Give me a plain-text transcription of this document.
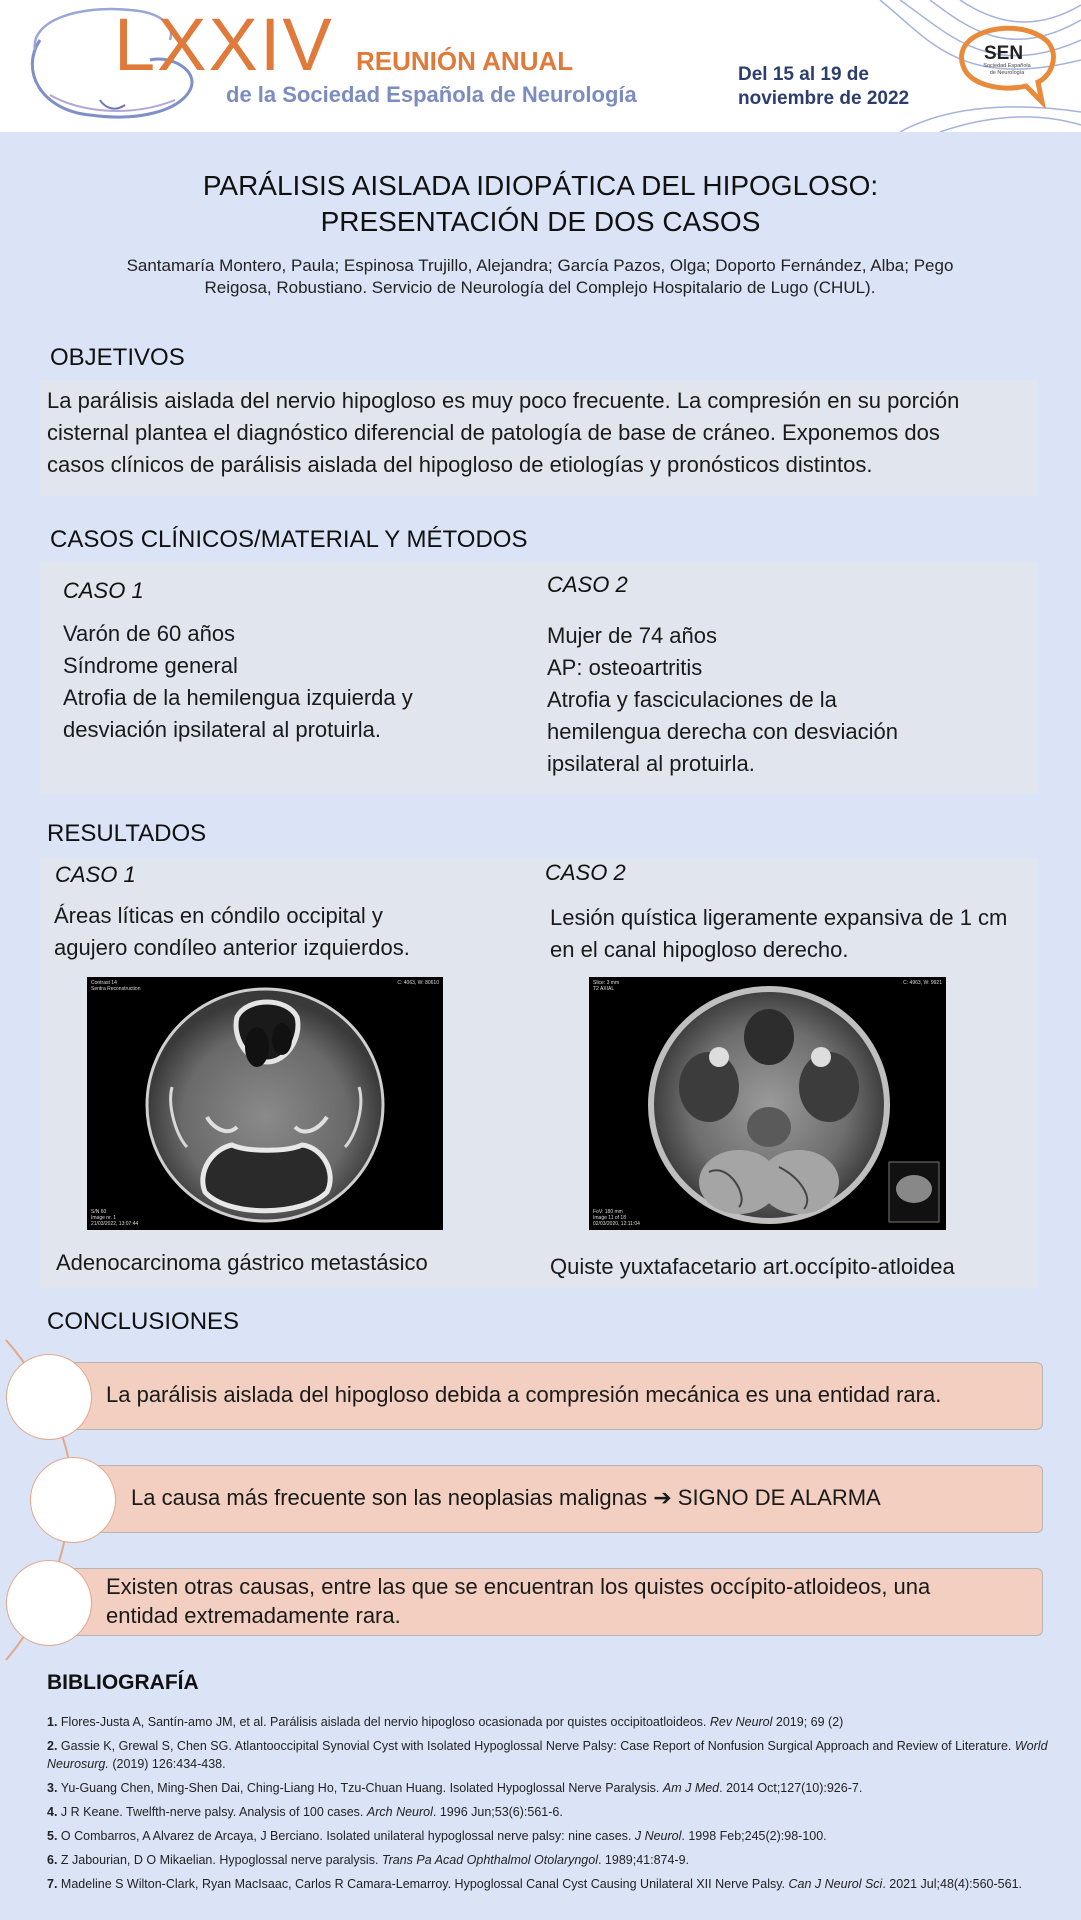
LXXIV REUNIÓN ANUAL
de la Sociedad Española de Neurología
Del 15 al 19 de
noviembre de 2022
SEN
Sociedad Española de Neurología
PARÁLISIS AISLADA IDIOPÁTICA DEL HIPOGLOSO:
PRESENTACIÓN DE DOS CASOS
Santamaría Montero, Paula; Espinosa Trujillo, Alejandra; García Pazos, Olga; Doporto Fernández, Alba; Pego
Reigosa, Robustiano. Servicio de Neurología del Complejo Hospitalario de Lugo (CHUL).
OBJETIVOS
La parálisis aislada del nervio hipogloso es muy poco frecuente. La compresión en su porción
cisternal plantea el diagnóstico diferencial de patología de base de cráneo. Exponemos dos
casos clínicos de parálisis aislada del hipogloso de etiologías y pronósticos distintos.
CASOS CLÍNICOS/MATERIAL Y MÉTODOS
CASO 1
Varón de 60 años
Síndrome general
Atrofia de la hemilengua izquierda y
desviación ipsilateral al protuirla.
CASO 2
Mujer de 74 años
AP: osteoartritis
Atrofia y fasciculaciones de la
hemilengua derecha con desviación
ipsilateral al protuirla.
RESULTADOS
CASO 1
Áreas líticas en cóndilo occipital y
agujero condíleo anterior izquierdos.
Contrast 14
Sentra Reconstruction
C: 4063, W: 80610
S/N 60
Image nr. 1
21/03/2022, 13:07:44
Adenocarcinoma gástrico metastásico
CASO 2
Lesión quística ligeramente expansiva de 1 cm
en el canal hipogloso derecho.
Slice: 3 mm
T2 AXIAL
C: 4963, W: 9921
FoV: 180 mm
Image 11 of 18
02/03/2020, 12:11:04
Quiste yuxtafacetario art.occípito-atloidea
CONCLUSIONES
La parálisis aislada del hipogloso debida a compresión mecánica es una entidad rara.
La causa más frecuente son las neoplasias malignas ➔ SIGNO DE ALARMA
Existen otras causas, entre las que se encuentran los quistes occípito-atloideos, una
entidad extremadamente rara.
BIBLIOGRAFÍA
1. Flores-Justa A, Santín-amo JM, et al. Parálisis aislada del nervio hipogloso ocasionada por quistes occipitoatloideos. Rev Neurol 2019; 69 (2)
2. Gassie K, Grewal S, Chen SG. Atlantooccipital Synovial Cyst with Isolated Hypoglossal Nerve Palsy: Case Report of Nonfusion Surgical Approach and Review of Literature. World Neurosurg. (2019) 126:434-438.
3. Yu-Guang Chen, Ming-Shen Dai, Ching-Liang Ho, Tzu-Chuan Huang. Isolated Hypoglossal Nerve Paralysis. Am J Med. 2014 Oct;127(10):926-7.
4. J R Keane. Twelfth-nerve palsy. Analysis of 100 cases. Arch Neurol. 1996 Jun;53(6):561-6.
5. O Combarros, A Alvarez de Arcaya, J Berciano. Isolated unilateral hypoglossal nerve palsy: nine cases. J Neurol. 1998 Feb;245(2):98-100.
6. Z Jabourian, D O Mikaelian. Hypoglossal nerve paralysis. Trans Pa Acad Ophthalmol Otolaryngol. 1989;41:874-9.
7. Madeline S Wilton-Clark, Ryan MacIsaac, Carlos R Camara-Lemarroy. Hypoglossal Canal Cyst Causing Unilateral XII Nerve Palsy. Can J Neurol Sci. 2021 Jul;48(4):560-561.
